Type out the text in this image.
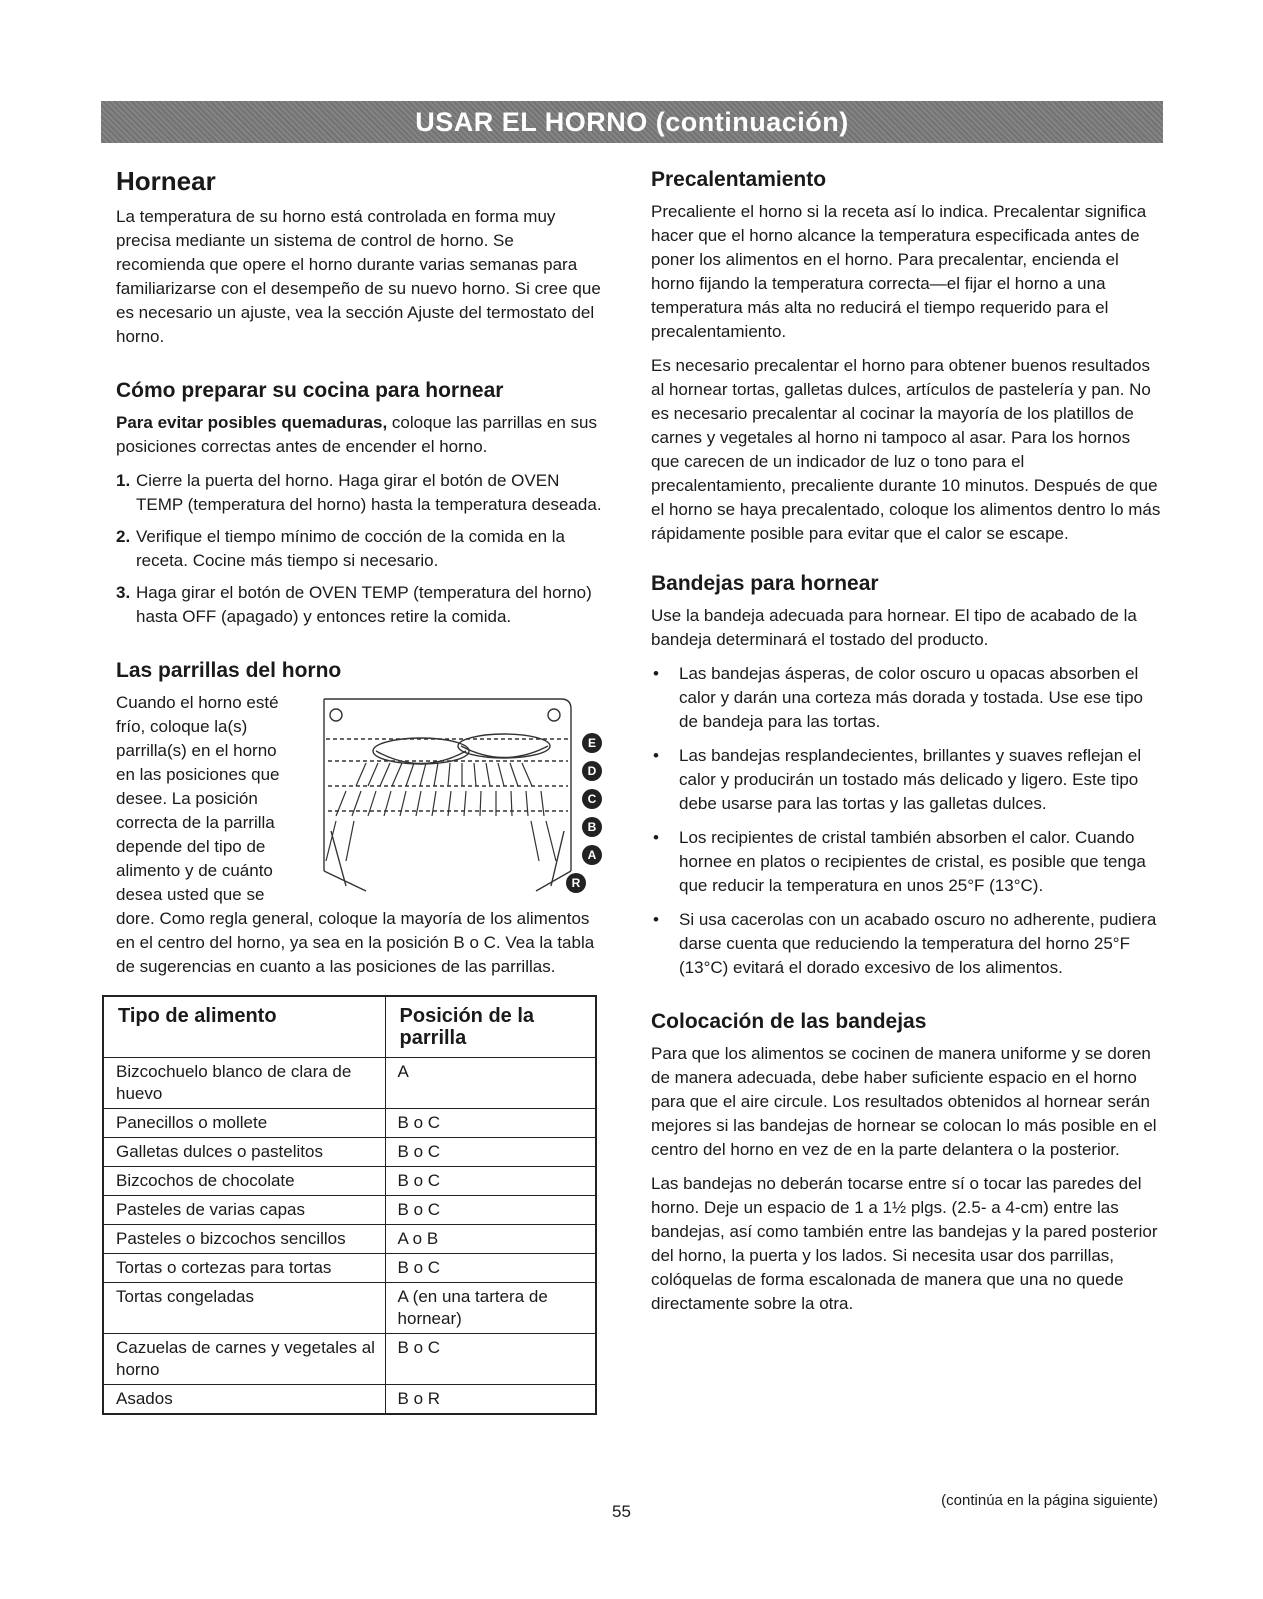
USAR EL HORNO (continuación)
Hornear

La temperatura de su horno está controlada en forma muy precisa mediante un sistema de control de horno. Se recomienda que opere el horno durante varias semanas para familiarizarse con el desempeño de su nuevo horno. Si cree que es necesario un ajuste, vea la sección Ajuste del termostato del horno.

Cómo preparar su cocina para hornear

Para evitar posibles quemaduras, coloque las parrillas en sus posiciones correctas antes de encender el horno.

1. Cierre la puerta del horno. Haga girar el botón de OVEN TEMP (temperatura del horno) hasta la temperatura deseada.
2. Verifique el tiempo mínimo de cocción de la comida en la receta. Cocine más tiempo si necesario.
3. Haga girar el botón de OVEN TEMP (temperatura del horno) hasta OFF (apagado) y entonces retire la comida.
Las parrillas del horno
E
D
C
B
A
R

Cuando el horno esté frío, coloque la(s) parrilla(s) en el horno en las posiciones que desee. La posición correcta de la parrilla depende del tipo de alimento y de cuánto desea usted que se dore. Como regla general, coloque la mayoría de los alimentos en el centro del horno, ya sea en la posición B o C. Vea la tabla de sugerencias en cuanto a las posiciones de las parrillas.

Tipo de alimento	Posición de la parrilla
Bizcochuelo blanco de clara de huevo	A
Panecillos o mollete	B o C
Galletas dulces o pastelitos	B o C
Bizcochos de chocolate	B o C
Pasteles de varias capas	B o C
Pasteles o bizcochos sencillos	A o B
Tortas o cortezas para tortas	B o C
Tortas congeladas	A (en una tartera de hornear)
Cazuelas de carnes y vegetales al horno	B o C
Asados	B o R
Precalentamiento

Precaliente el horno si la receta así lo indica. Precalentar significa hacer que el horno alcance la temperatura especificada antes de poner los alimentos en el horno. Para precalentar, encienda el horno fijando la temperatura correcta—el fijar el horno a una temperatura más alta no reducirá el tiempo requerido para el precalentamiento.

Es necesario precalentar el horno para obtener buenos resultados al hornear tortas, galletas dulces, artículos de pastelería y pan. No es necesario precalentar al cocinar la mayoría de los platillos de carnes y vegetales al horno ni tampoco al asar. Para los hornos que carecen de un indicador de luz o tono para el precalentamiento, precaliente durante 10 minutos. Después de que el horno se haya precalentado, coloque los alimentos dentro lo más rápidamente posible para evitar que el calor se escape.

Bandejas para hornear

Use la bandeja adecuada para hornear. El tipo de acabado de la bandeja determinará el tostado del producto.

•	Las bandejas ásperas, de color oscuro u opacas absorben el calor y darán una corteza más dorada y tostada. Use ese tipo de bandeja para las tortas.
•	Las bandejas resplandecientes, brillantes y suaves reflejan el calor y producirán un tostado más delicado y ligero. Este tipo debe usarse para las tortas y las galletas dulces.
•	Los recipientes de cristal también absorben el calor. Cuando hornee en platos o recipientes de cristal, es posible que tenga que reducir la temperatura en unos 25°F (13°C).
•	Si usa cacerolas con un acabado oscuro no adherente, pudiera darse cuenta que reduciendo la temperatura del horno 25°F (13°C) evitará el dorado excesivo de los alimentos.
Colocación de las bandejas

Para que los alimentos se cocinen de manera uniforme y se doren de manera adecuada, debe haber suficiente espacio en el horno para que el aire circule. Los resultados obtenidos al hornear serán mejores si las bandejas de hornear se colocan lo más posible en el centro del horno en vez de en la parte delantera o la posterior.

Las bandejas no deberán tocarse entre sí o tocar las paredes del horno. Deje un espacio de 1 a 1½ plgs. (2.5- a 4-cm) entre las bandejas, así como también entre las bandejas y la pared posterior del horno, la puerta y los lados. Si necesita usar dos parrillas, colóquelas de forma escalonada de manera que una no quede directamente sobre la otra.

55
(continúa en la página siguiente)
